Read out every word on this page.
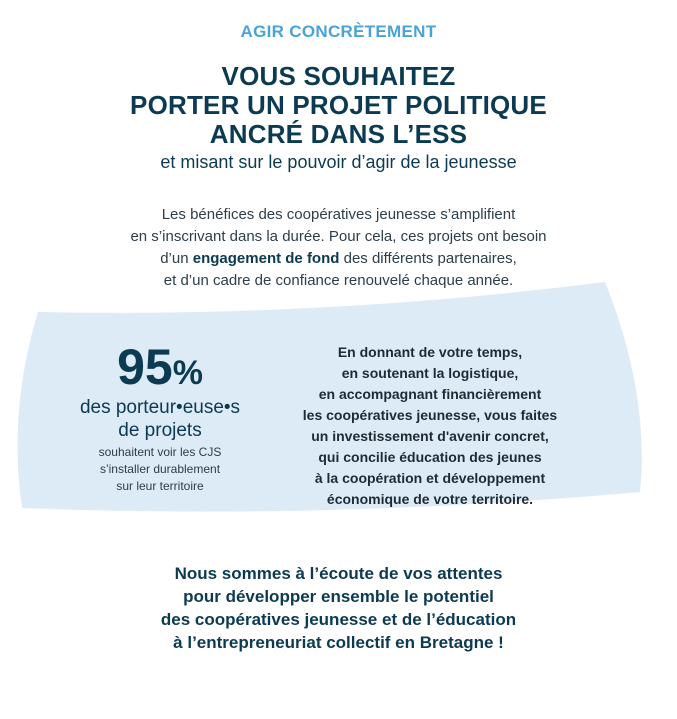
AGIR CONCRÈTEMENT
VOUS SOUHAITEZ
PORTER UN PROJET POLITIQUE
ANCRÉ DANS L’ESS
et misant sur le pouvoir d’agir de la jeunesse
Les bénéfices des coopératives jeunesse s’amplifient
en s’inscrivant dans la durée. Pour cela, ces projets ont besoin
d’un engagement de fond des différents partenaires,
et d’un cadre de confiance renouvelé chaque année.
95%
des porteur•euse•s
de projets
souhaitent voir les CJS
s’installer durablement
sur leur territoire
En donnant de votre temps,
en soutenant la logistique,
en accompagnant financièrement
les coopératives jeunesse, vous faites
un investissement d'avenir concret,
qui concilie éducation des jeunes
à la coopération et développement
économique de votre territoire.
Nous sommes à l’écoute de vos attentes
pour développer ensemble le potentiel
des coopératives jeunesse et de l’éducation
à l’entrepreneuriat collectif en Bretagne !
